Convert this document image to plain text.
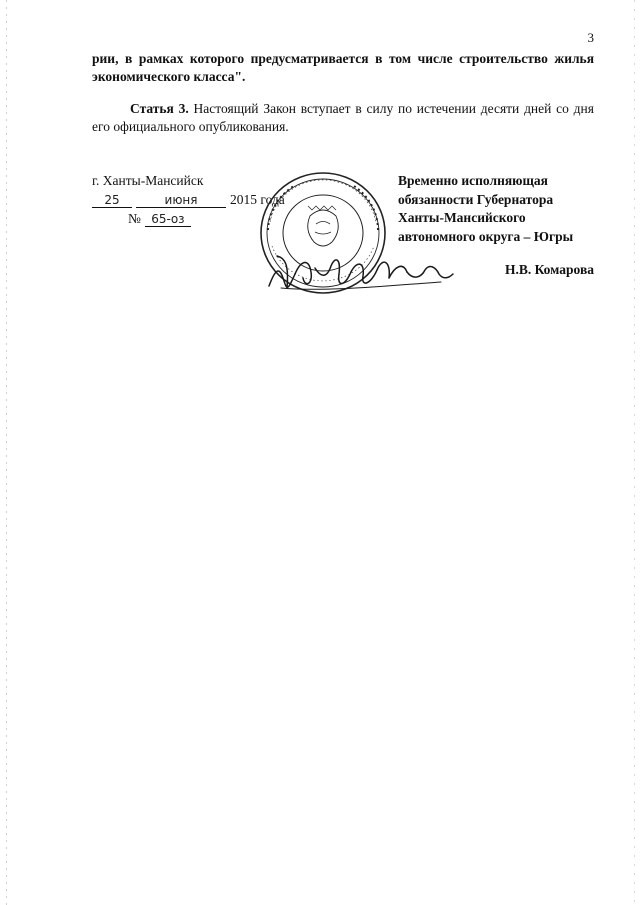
3
рии, в рамках которого предусматривается в том числе строительство жилья экономического класса".
Статья 3. Настоящий Закон вступает в силу по истечении десяти дней со дня его официального опубликования.
г. Ханты-Мансийск
25	июня 2015 года
№ 65-оз
Временно исполняющая
обязанности Губернатора
Ханты-Мансийского
автономного округа – Югры
Н.В. Комарова
